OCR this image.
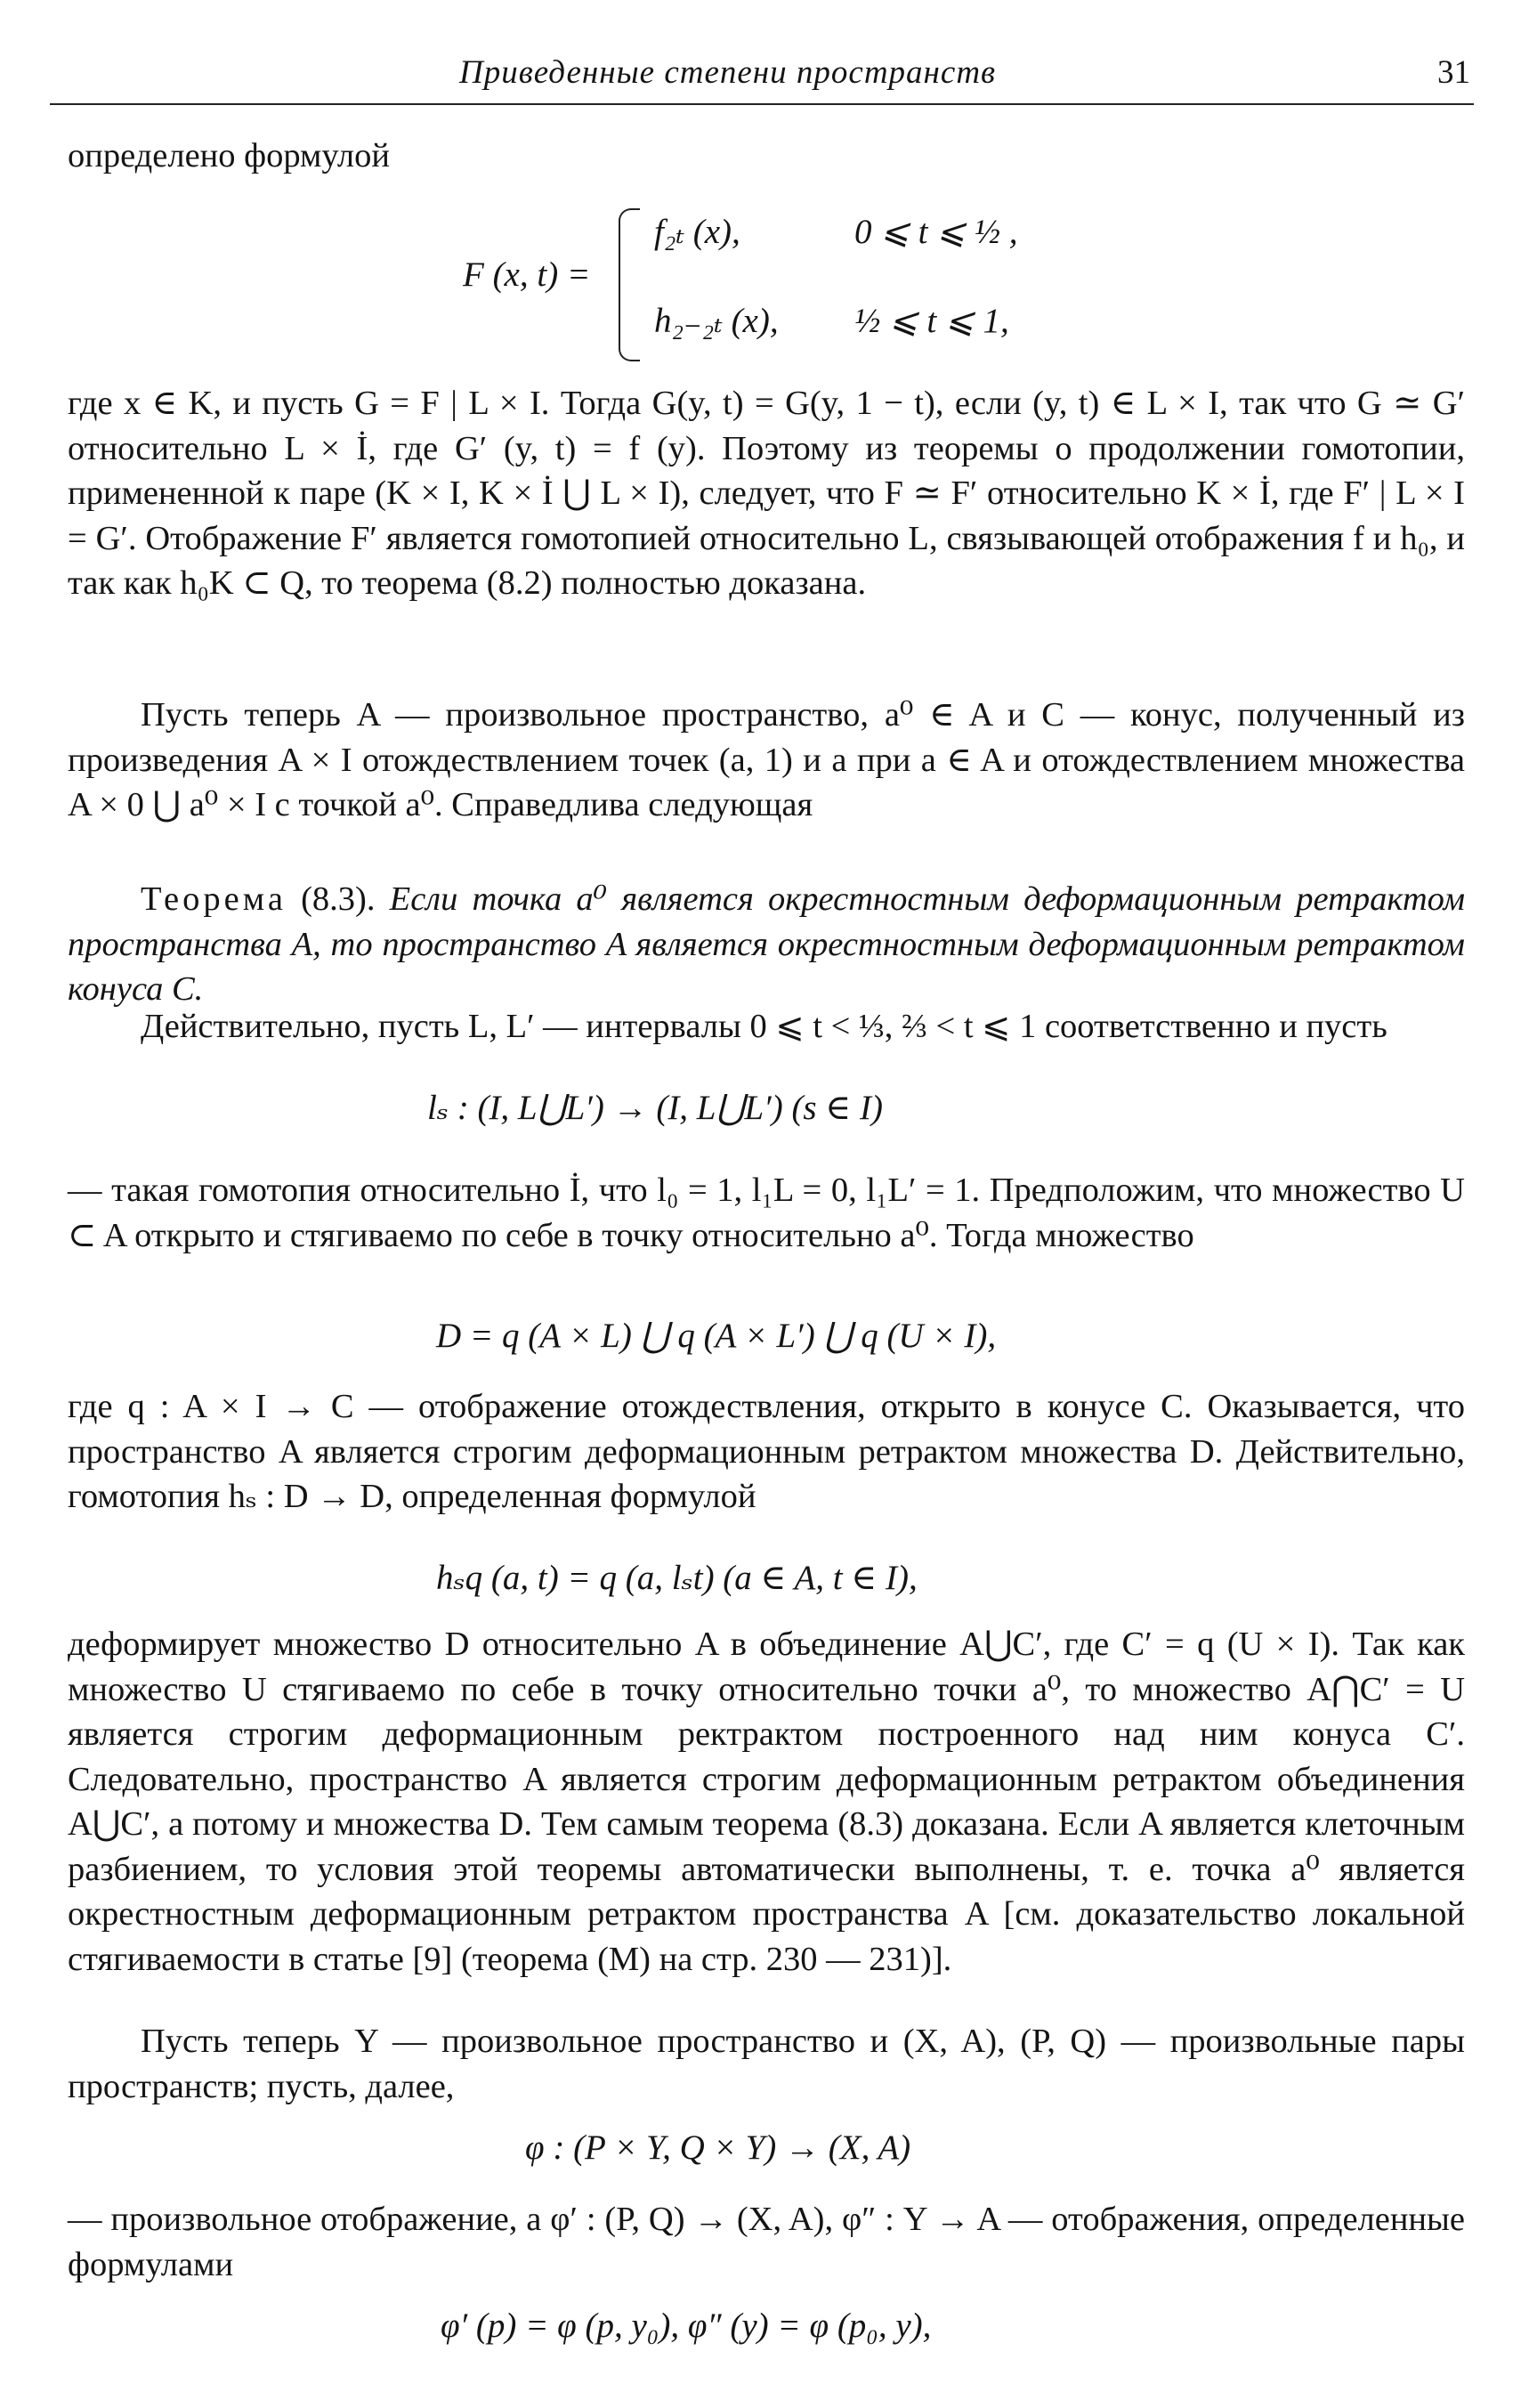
Приведенные степени пространств	31

определено формулой

F (x, t) =
f₂ₜ (x),	0 ⩽ t ⩽ ½ ,
h₂₋₂ₜ (x), ½ ⩽ t ⩽ 1,

где x ∈ K, и пусть G = F | L × I. Тогда G(y, t) = G(y, 1 − t), если (y, t) ∈ L × I, так что G ≃ G′ относительно L × İ, где G′ (y, t) = f (y). Поэтому из теоремы о продолжении гомотопии, примененной к паре (K × I, K × İ ⋃ L × I), следует, что F ≃ F′ относительно K × İ, где F′ | L × I = G′. Отображение F′ является гомотопией относительно L, связывающей отображения f и h₀, и так как h₀K ⊂ Q, то теорема (8.2) полностью доказана.

Пусть теперь A — произвольное пространство, a⁰ ∈ A и C — конус, полученный из произведения A × I отождествлением точек (a, 1) и a при a ∈ A и отождествлением множества A × 0 ⋃ a⁰ × I с точкой a⁰. Справедлива следующая

Теорема (8.3). Если точка a⁰ является окрестностным деформационным ретрактом пространства A, то пространство A является окрестностным деформационным ретрактом конуса C.

Действительно, пусть L, L′ — интервалы 0 ⩽ t < ⅓, ⅔ < t ⩽ 1 соответственно и пусть

lₛ : (I, L⋃L′) → (I, L⋃L′) (s ∈ I)

— такая гомотопия относительно İ, что l₀ = 1, l₁L = 0, l₁L′ = 1. Предположим, что множество U ⊂ A открыто и стягиваемо по себе в точку относительно a⁰. Тогда множество

D = q (A × L) ⋃ q (A × L′) ⋃ q (U × I),

где q : A × I → C — отображение отождествления, открыто в конусе C. Оказывается, что пространство A является строгим деформационным ретрактом множества D. Действительно, гомотопия hₛ : D → D, определенная формулой

hₛq (a, t) = q (a, lₛt) (a ∈ A, t ∈ I),

деформирует множество D относительно A в объединение A⋃C′, где C′ = q (U × I). Так как множество U стягиваемо по себе в точку относительно точки a⁰, то множество A⋂C′ = U является строгим деформационным ректрактом построенного над ним конуса C′. Следовательно, пространство A является строгим деформационным ретрактом объединения A⋃C′, а потому и множества D. Тем самым теорема (8.3) доказана. Если A является клеточным разбиением, то условия этой теоремы автоматически выполнены, т. е. точка a⁰ является окрестностным деформационным ретрактом пространства A [см. доказательство локальной стягиваемости в статье [9] (теорема (M) на стр. 230 — 231)].

Пусть теперь Y — произвольное пространство и (X, A), (P, Q) — произвольные пары пространств; пусть, далее,

φ : (P × Y, Q × Y) → (X, A)

— произвольное отображение, а φ′ : (P, Q) → (X, A), φ″ : Y → A — отображения, определенные формулами

φ′ (p) = φ (p, y₀), φ″ (y) = φ (p₀, y),
